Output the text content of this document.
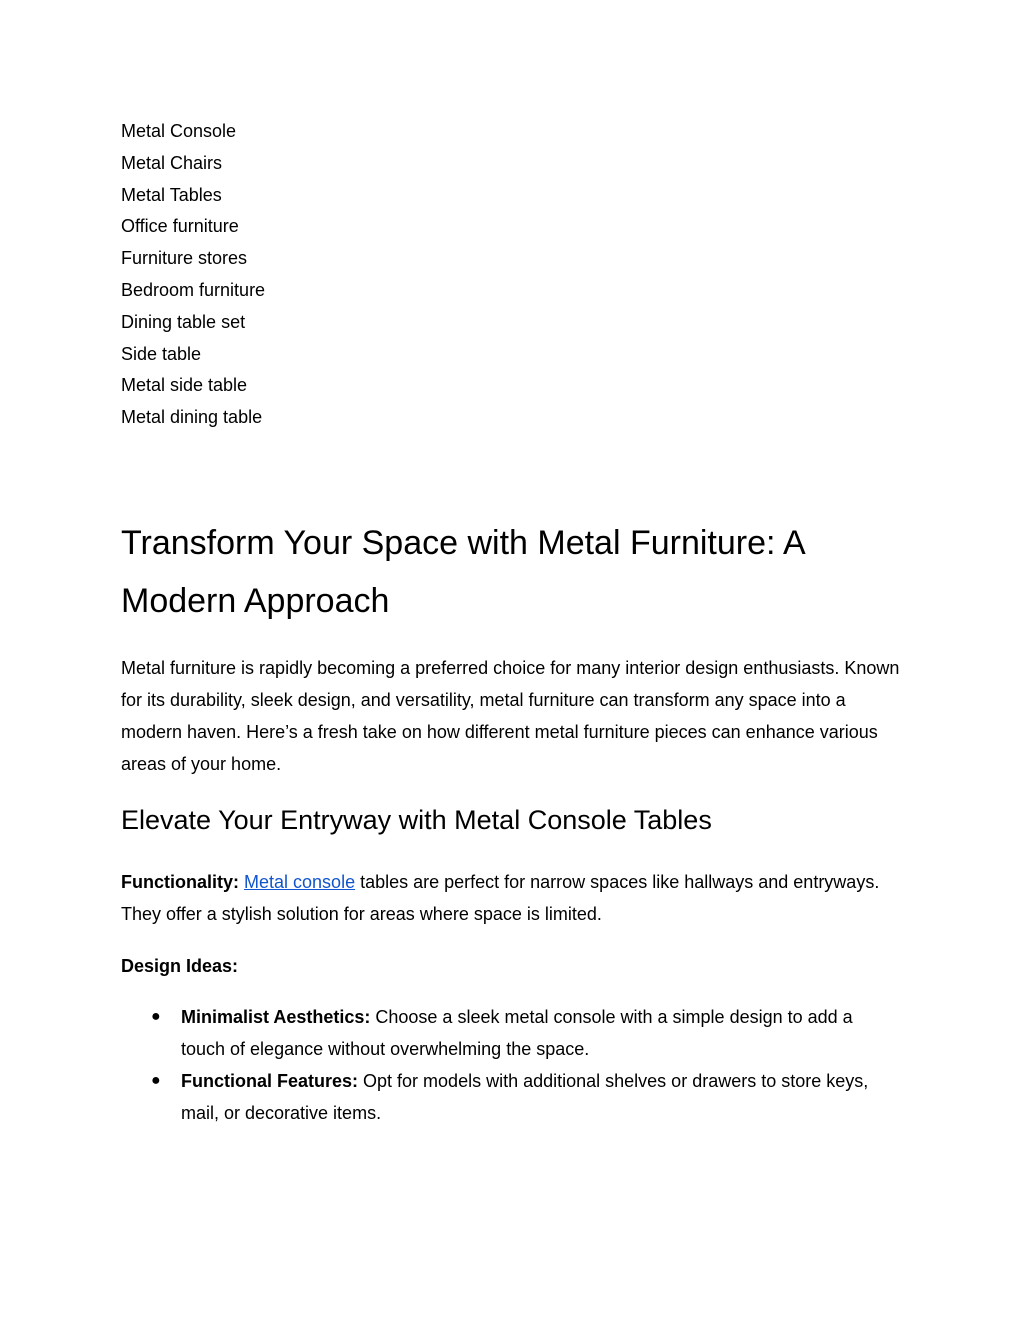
Metal Console
Metal Chairs
Metal Tables
Office furniture
Furniture stores
Bedroom furniture
Dining table set
Side table
Metal side table
Metal dining table
Transform Your Space with Metal Furniture: A Modern Approach

Metal furniture is rapidly becoming a preferred choice for many interior design enthusiasts. Known for its durability, sleek design, and versatility, metal furniture can transform any space into a modern haven. Here’s a fresh take on how different metal furniture pieces can enhance various areas of your home.

Elevate Your Entryway with Metal Console Tables

Functionality: Metal console tables are perfect for narrow spaces like hallways and entryways. They offer a stylish solution for areas where space is limited.

Design Ideas:

● Minimalist Aesthetics: Choose a sleek metal console with a simple design to add a touch of elegance without overwhelming the space.
● Functional Features: Opt for models with additional shelves or drawers to store keys, mail, or decorative items.
